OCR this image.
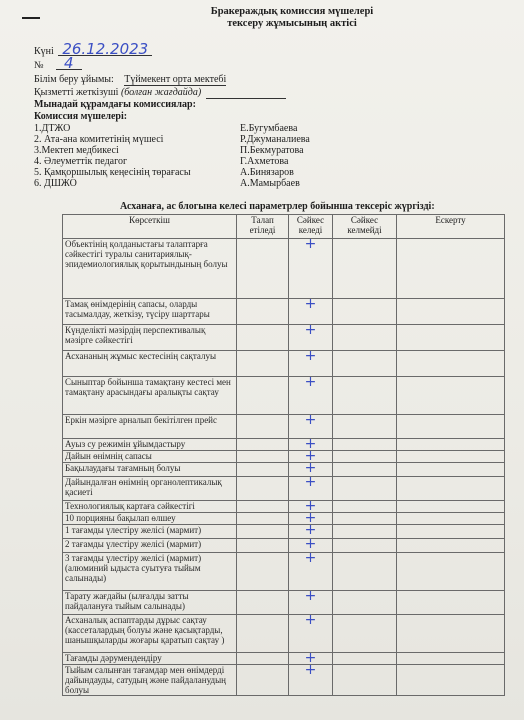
Бракераждық комиссия мүшелері
тексеру жұмысының актісі
Күні 26.12.2023
№ 4
Білім беру ұйымы: Түймекент орта мектебі
Қызметті жеткізуші (болған жағдайда)
Мынадай құрамдағы комиссиялар:
Комиссия мүшелері:
1.ДТЖО	Е.Бугумбаева
2. Ата-ана комитетінің мүшесі	Р.Джуманалиева
3.Мектеп медбикесі	П.Бекмуратова
4. Әлеуметтік педагог	Г.Ахметова
5. Қамқоршылық кеңесінің төрағасы	А.Бинязаров
6. ДШЖО	А.Мамырбаев
Асханаға, ас блогына келесі параметрлер бойынша тексеріс жүргізді:
Көрсеткіш	Талап етіледі	Сәйкес келеді	Сәйкес келмейді	Ескерту
Объектінің қолданыстағы талаптарға сәйкестігі туралы санитариялық-эпидемиологиялық қорытындының болуы		+		
Тамақ өнімдерінің сапасы, оларды тасымалдау, жеткізу, түсіру шарттары		+		
Күнделікті мәзірдің перспективалық мәзірге сәйкестігі		+		
Асхананың жұмыс кестесінің сақталуы		+		
Сыныптар бойынша тамақтану кестесі мен тамақтану арасындағы аралықты сақтау		+		
Еркін мәзірге арналып бекітілген прейс		+		
Ауыз су режимін ұйымдастыру		+		
Дайын өнімнің сапасы		+		
Бақылаудағы тағамның болуы		+		
Дайындалған өнімнің органолептикалық қасиеті		+		
Технологиялық картаға сәйкестігі		+		
10 порцияны бақылап өлшеу		+		
1 тағамды үлестіру желісі (мармит)		+		
2 тағамды үлестіру желісі (мармит)		+		
3 тағамды үлестіру желісі (мармит) (алюминий ыдыста суытуға тыйым салынады)		+		
Тарату жағдайы (ылғалды затты пайдалануға тыйым салынады)		+		
Асханалық аспаптарды дұрыс сақтау (кассеталардың болуы және қасықтарды, шанышқыларды жоғары қаратып сақтау )		+		
Тағамды дәрумендендіру		+		
Тыйым салынған тағамдар мен өнімдерді дайындауды, сатудың және пайдаланудың болуы		+		
